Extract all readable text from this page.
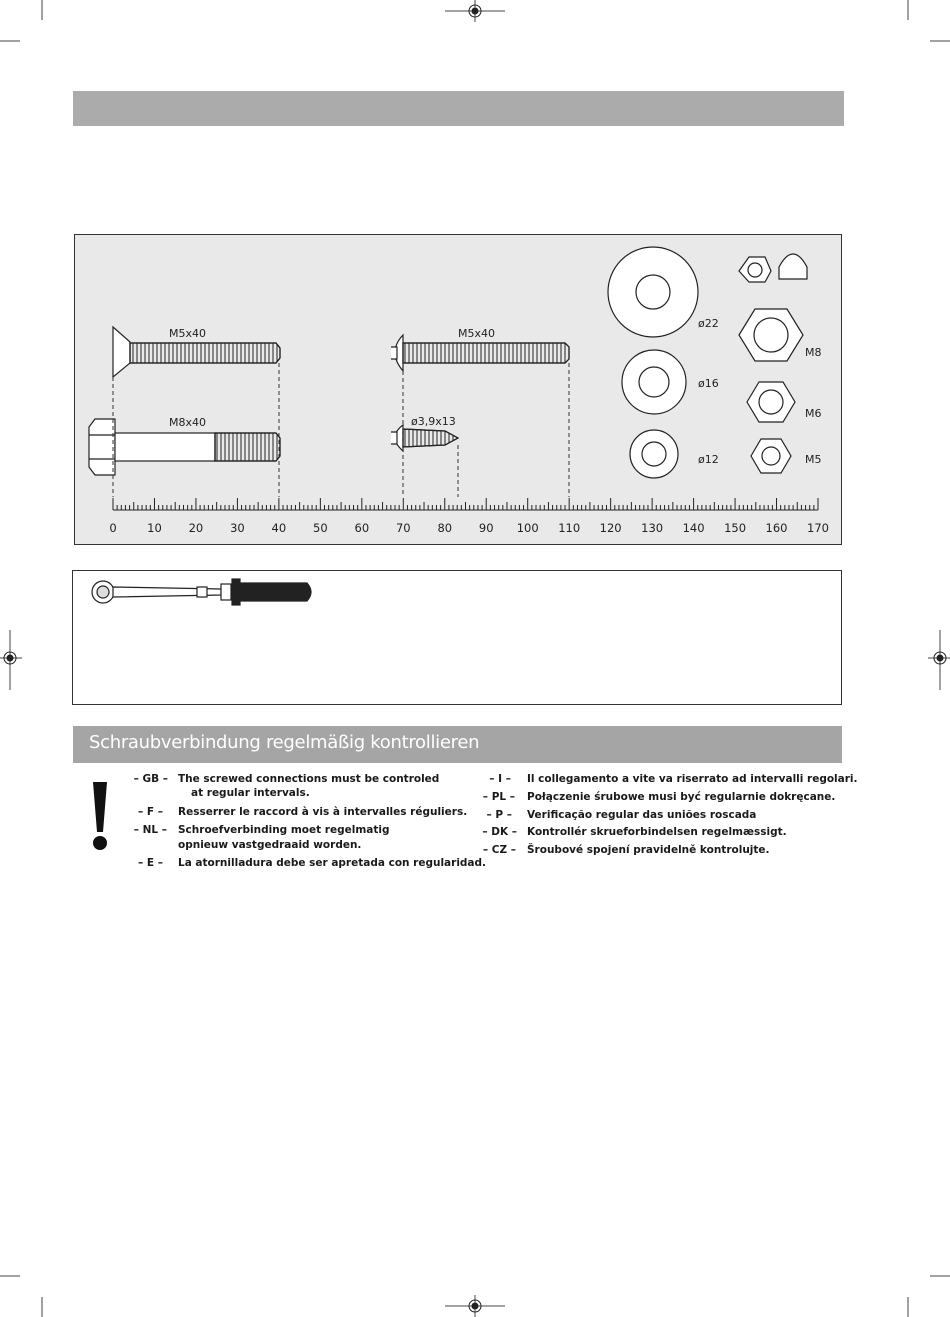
0	10 20 30 40 50 60 70 80 90 100 110 120 130 140 150 160 170
M5x40
M8x40
M5x40
ø3,9x13
ø22
ø16
ø12
M8
M6
M5
Schraubverbindung regelmäßig kontrollieren
– GB – The screwed connections must be controled
at regular intervals.
– F – Resserrer le raccord à vis à intervalles réguliers.
– NL – Schroefverbinding moet regelmatig
opnieuw vastgedraaid worden.
– E – La atornilladura debe ser apretada con regularidad.
– I – Il collegamento a vite va riserrato ad intervalli regolari.
– PL – Połączenie śrubowe musi być regularnie dokręcane.
– P – Verificação regular das uniões roscada
– DK – Kontrollér skrueforbindelsen regelmæssigt.
– CZ – Šroubové spojení pravidelně kontrolujte.
